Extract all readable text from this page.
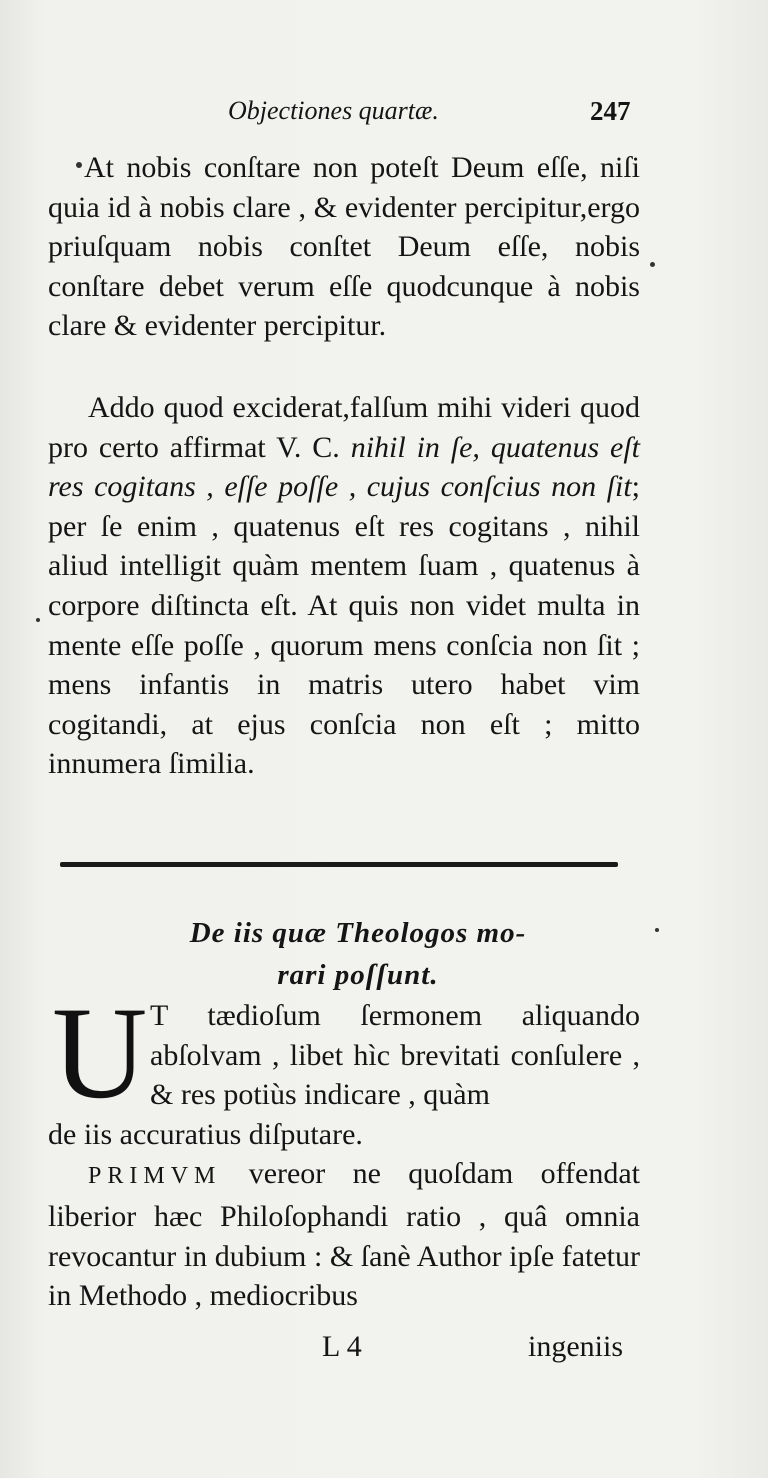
Objectiones quartæ.	247

At nobis conſtare non poteſt Deum eſſe, niſi quia id à nobis clare , & evidenter percipitur,ergo priuſquam nobis conſtet Deum eſſe, nobis conſtare debet verum eſſe quodcunque à nobis clare & evidenter percipitur.

Addo quod exciderat,falſum mihi videri quod pro certo affirmat V. C. nihil in ſe, quatenus eſt res cogitans , eſſe poſſe , cujus conſcius non ſit; per ſe enim , quatenus eſt res cogitans , nihil aliud intelligit quàm mentem ſuam , quatenus à corpore diſtincta eſt. At quis non videt multa in mente eſſe poſſe , quorum mens conſcia non ſit ; mens infantis in matris utero habet vim cogitandi, at ejus conſcia non eſt ; mitto innumera ſimilia.

De iis quæ Theologos mo-
rari poſſunt.
U T tædioſum ſermonem aliquando abſolvam , libet hìc brevitati conſulere , & res potiùs indicare , quàm

de iis accuratius diſputare.

PRIMVM vereor ne quoſdam offendat liberior hæc Philoſophandi ratio , quâ omnia revocantur in dubium : & ſanè Author ipſe fatetur in Methodo , mediocribus

L 4	ingeniis
